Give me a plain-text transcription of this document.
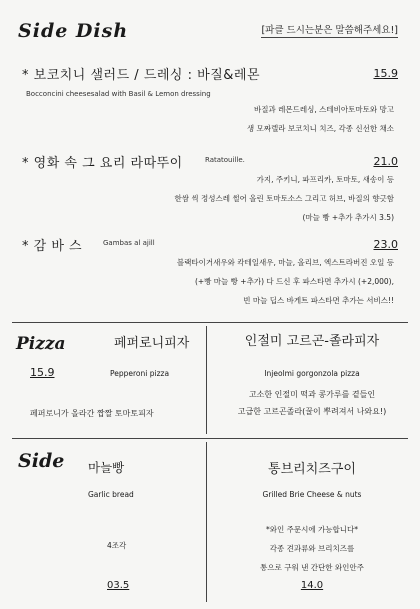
Side Dish	[파클 드시는분은 말씀해주세요!]
* 보코치니 샐러드 / 드레싱 : 바질&레몬	15.9
Bocconcini cheesesalad with Basil & Lemon dressing
바질과 레몬드레싱, 스테비아토마토와 망고
생 모짜렐라 보코치니 치즈, 각종 신선한 채소
* 영화 속 그 요리 라따뚜이	Ratatouille.	21.0
가지, 주키니, 파프리카, 토마토, 새송이 등
한쌈 씩 정성스레 썰어 올린 토마토소스 그리고 허브, 바질의 향긋함
(마늘 빵 +추가 추가시 3.5)
* 감 바 스	Gambas al ajill	23.0
블랙타이거새우와 칵테일새우, 마늘, 올리브, 엑스트라버진 오일 등
(+빵 마늘 빵 +추가) 다 드신 후 파스타면 추가시 (+2,000),
빈 마늘 딥스 바게트 파스타면 추가는 서비스!!
Pizza	페퍼로니피자
15.9	Pepperoni pizza
페퍼로니가 올라간 짭짤 토마토피자
인절미 고르곤-졸라피자
Injeolmi gorgonzola pizza
고소한 인절미 떡과 콩가루를 곁들인
고급한 고르곤졸라(꿀이 뿌려져서 나와요!)
Side 마늘빵
Garlic bread
4조각
03.5
통브리치즈구이
Grilled Brie Cheese & nuts
*와인 주문시에 가능합니다*
각종 견과류와 브리치즈를
통으로 구워 낸 간단한 와인안주
14.0
